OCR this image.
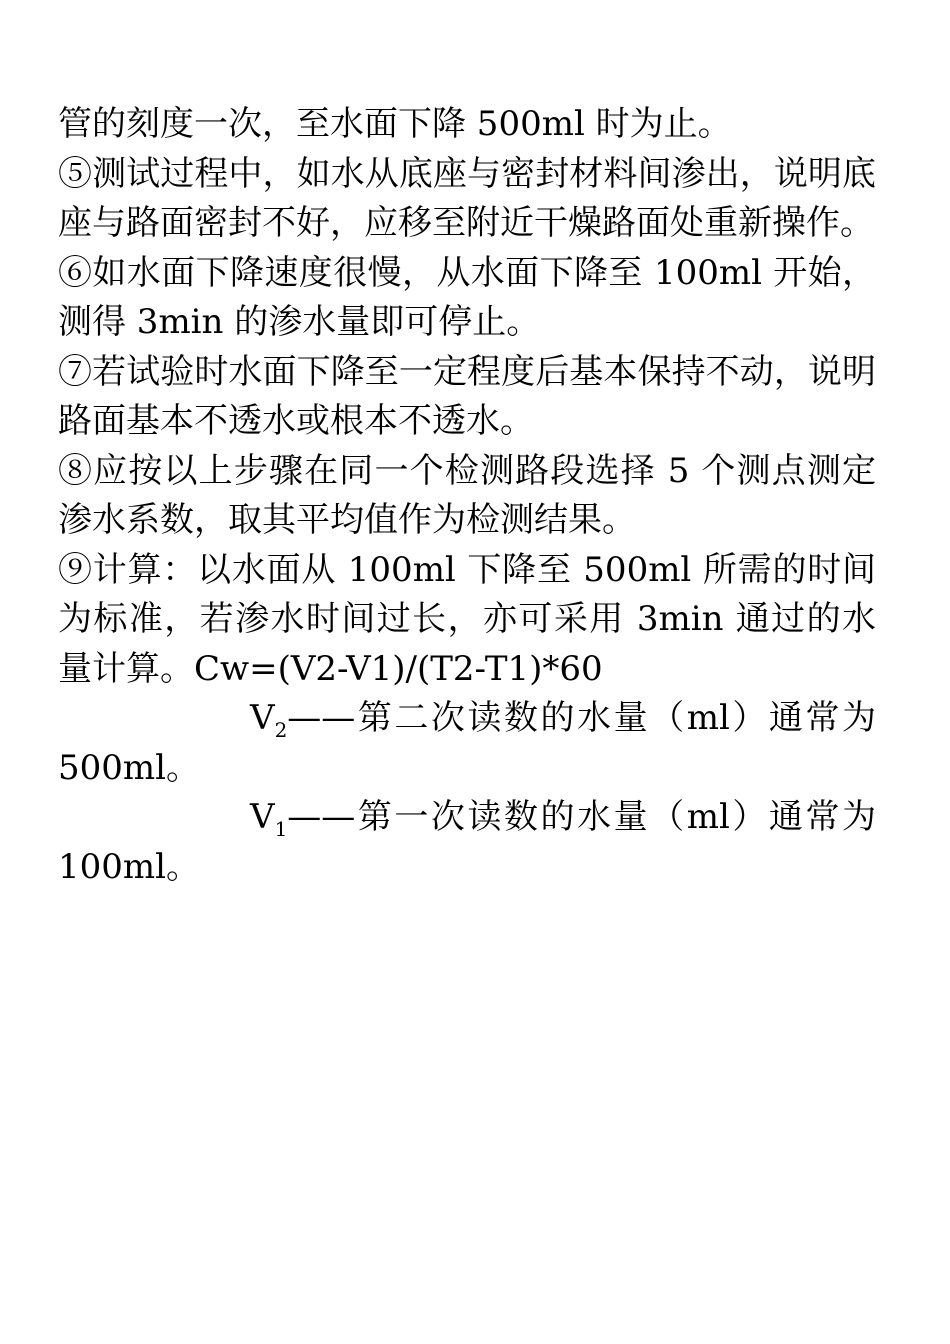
管的刻度一次，至水面下降 500ml 时为止。

⑤测试过程中，如水从底座与密封材料间渗出，说明底座与路面密封不好，应移至附近干燥路面处重新操作。

⑥如水面下降速度很慢，从水面下降至 100ml 开始，测得 3min 的渗水量即可停止。

⑦若试验时水面下降至一定程度后基本保持不动，说明路面基本不透水或根本不透水。

⑧应按以上步骤在同一个检测路段选择 5 个测点测定渗水系数，取其平均值作为检测结果。

⑨计算：以水面从 100ml 下降至 500ml 所需的时间为标准，若渗水时间过长，亦可采用 3min 通过的水量计算。Cw=(V2-V1)/(T2-T1)*60

$V_2——$第二次读数的水量（ml）通常为 500ml。

$V_1——$第一次读数的水量（ml）通常为 100ml。
